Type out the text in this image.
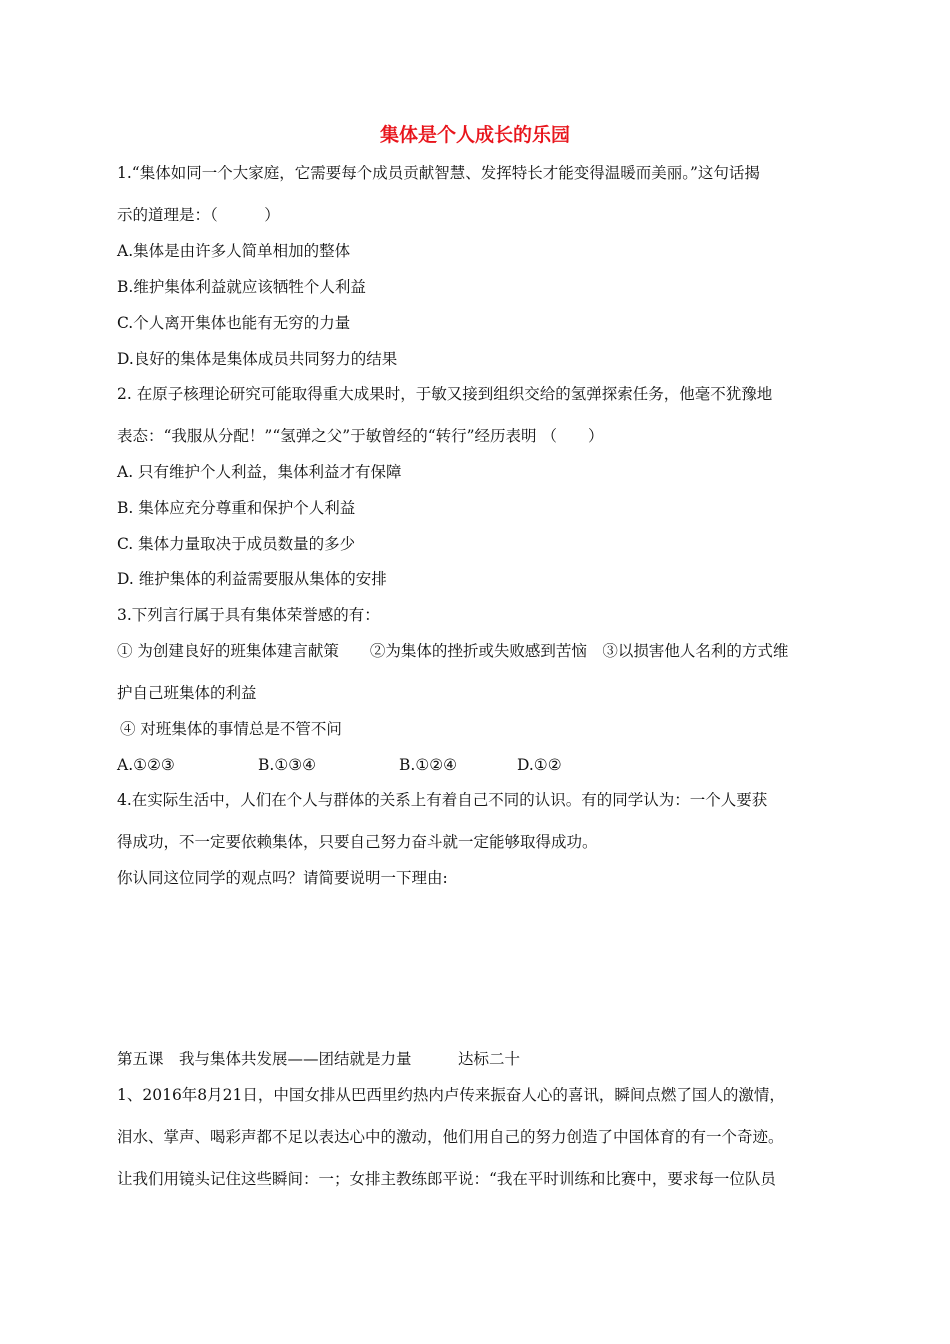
集体是个人成长的乐园
1.“集体如同一个大家庭，它需要每个成员贡献智慧、发挥特长才能变得温暖而美丽。”这句话揭
示的道理是：（　　　）
A.集体是由许多人简单相加的整体
B.维护集体利益就应该牺牲个人利益
C.个人离开集体也能有无穷的力量
D.良好的集体是集体成员共同努力的结果
2. 在原子核理论研究可能取得重大成果时，于敏又接到组织交给的氢弹探索任务，他毫不犹豫地
表态：“我服从分配！”“氢弹之父”于敏曾经的“转行”经历表明 （　　）
A. 只有维护个人利益，集体利益才有保障
B. 集体应充分尊重和保护个人利益
C. 集体力量取决于成员数量的多少
D. 维护集体的利益需要服从集体的安排
3.下列言行属于具有集体荣誉感的有：
① 为创建良好的班集体建言献策　　②为集体的挫折或失败感到苦恼　③以损害他人名利的方式维
护自己班集体的利益
④ 对班集体的事情总是不管不问
A.①②③	B.①③④	B.①②④	D.①②
4.在实际生活中，人们在个人与群体的关系上有着自己不同的认识。有的同学认为：一个人要获
得成功，不一定要依赖集体，只要自己努力奋斗就一定能够取得成功。
你认同这位同学的观点吗？请简要说明一下理由:
第五课　我与集体共发展——团结就是力量　　　达标二十
1、2016年8月21日，中国女排从巴西里约热内卢传来振奋人心的喜讯，瞬间点燃了国人的激情，
泪水、掌声、喝彩声都不足以表达心中的激动，他们用自己的努力创造了中国体育的有一个奇迹。
让我们用镜头记住这些瞬间：一；女排主教练郎平说：“我在平时训练和比赛中，要求每一位队员
